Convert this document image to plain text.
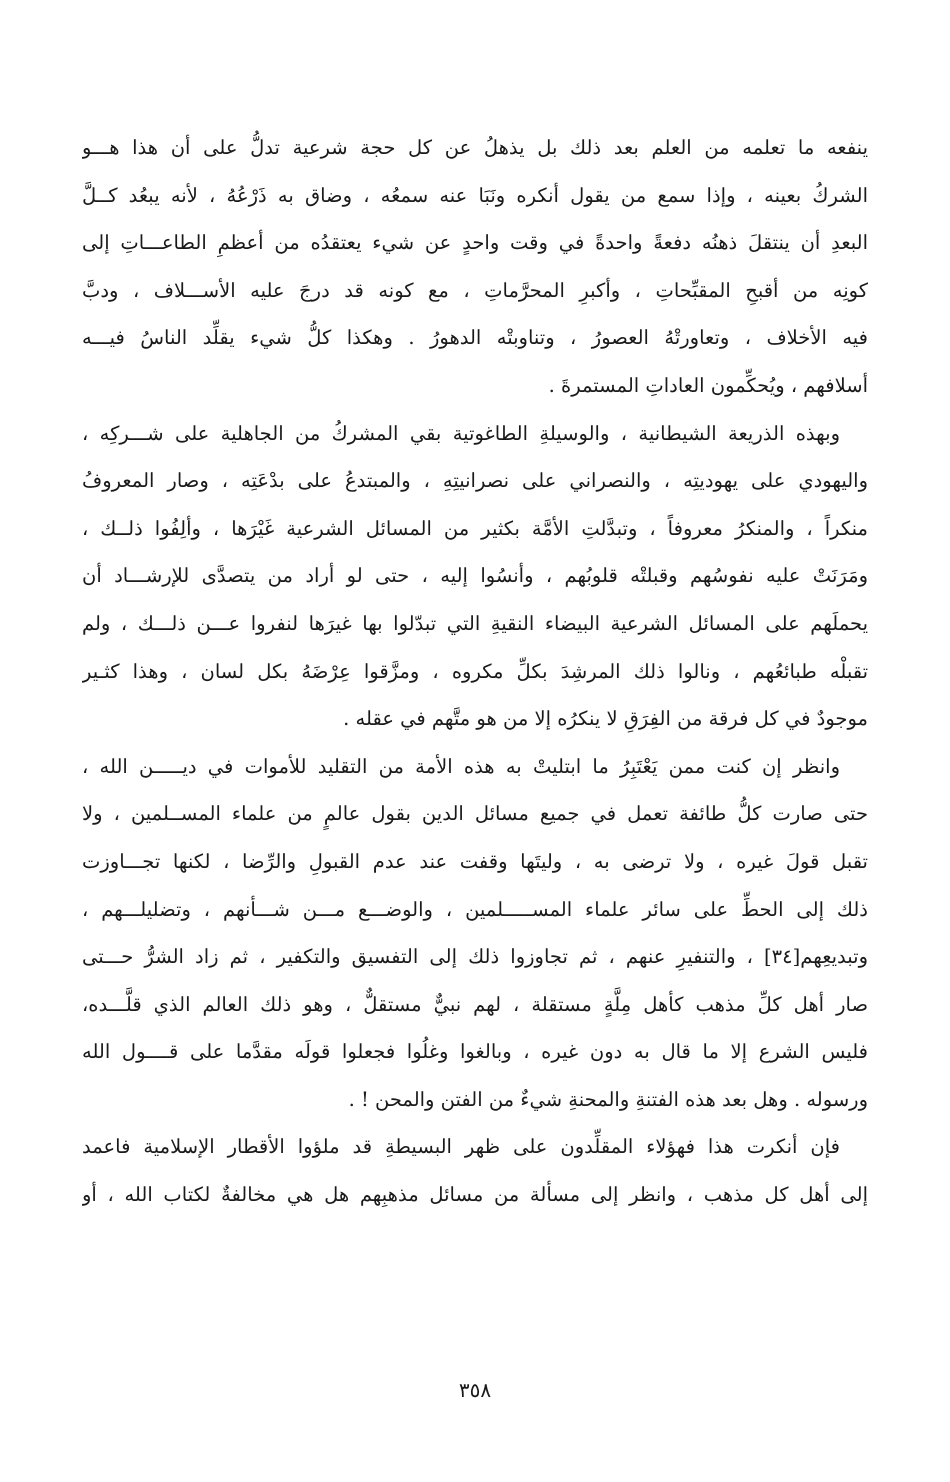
ينفعه ما تعلمه من العلم بعد ذلك بل يذهلُ عن كل حجة شرعية تدلُّ على أن هذا هـــو
الشركُ بعينه ، وإذا سمع من يقول أنكره ونَبَا عنه سمعُه ، وضاق به ذَرْعُهُ ، لأنه يبعُد كــلَّ
البعدِ أن ينتقلَ ذهنُه دفعةً واحدةً في وقت واحدٍ عن شيء يعتقدُه من أعظمِ الطاعـــاتِ إلى
كونِه من أقبحِ المقبِّحاتِ ، وأكبرِ المحرَّماتِ ، مع كونه قد درجَ عليه الأســـلاف ، ودبَّ
فيه الأخلاف ، وتعاورتْهُ العصورُ ، وتناوبتْه الدهورُ . وهكذا كلُّ شيء يقلِّد الناسُ فيـــه
أسلافهم ، ويُحكِّمون العاداتِ المستمرةَ .
وبهذه الذريعة الشيطانية ، والوسيلةِ الطاغوتية بقي المشركُ من الجاهلية على شـــركِه ،
واليهودي على يهوديتِه ، والنصراني على نصرانيتِهِ ، والمبتدعُ على بدْعَتِه ، وصار المعروفُ
منكراً ، والمنكرُ معروفاً ، وتبدَّلتِ الأمَّة بكثير من المسائل الشرعية غَيْرَها ، وألِفُوا ذلــك ،
ومَرَنَتْ عليه نفوسُهم وقبلتْه قلوبُهم ، وأنسُوا إليه ، حتى لو أراد من يتصدَّى للإرشـــاد أن
يحملَهم على المسائل الشرعية البيضاء النقيةِ التي تبدّلوا بها غيرَها لنفروا عـــن ذلـــك ، ولم
تقبلْه طبائعُهم ، ونالوا ذلك المرشِدَ بكلِّ مكروه ، ومزَّقوا عِرْضَهُ بكل لسان ، وهذا كثـير
موجودٌ في كل فرقة من الفِرَقِ لا ينكرُه إلا من هو متَّهم في عقله .
وانظر إن كنت ممن يَعْتَبِرُ ما ابتليتْ به هذه الأمة من التقليد للأموات في ديـــــن الله ،
حتى صارت كلُّ طائفة تعمل في جميع مسائل الدين بقول عالمٍ من علماء المســلمين ، ولا
تقبل قولَ غيره ، ولا ترضى به ، وليتَها وقفت عند عدم القبولِ والرِّضا ، لكنها تجـــاوزت
ذلك إلى الحطِّ على سائر علماء المســـــلمين ، والوضـــع مـــن شـــأنهم ، وتضليلـــهم ،
وتبديعِهم[٣٤] ، والتنفيرِ عنهم ، ثم تجاوزوا ذلك إلى التفسيق والتكفير ، ثم زاد الشرُّ حـــتى
صار أهل كلِّ مذهب كأهل مِلَّةٍ مستقلة ، لهم نبيٌّ مستقلٌّ ، وهو ذلك العالم الذي قلَّـــده،
فليس الشرع إلا ما قال به دون غيره ، وبالغوا وغلُوا فجعلوا قولَه مقدَّما على قــــول الله
ورسوله . وهل بعد هذه الفتنةِ والمحنةِ شيءٌ من الفتن والمحن ! .
فإن أنكرت هذا فهؤلاء المقلِّدون على ظهر البسيطةِ قد ملؤوا الأقطار الإسلامية فاعمد
إلى أهل كل مذهب ، وانظر إلى مسألة من مسائل مذهبِهم هل هي مخالفةٌ لكتاب الله ، أو
٣٥٨
